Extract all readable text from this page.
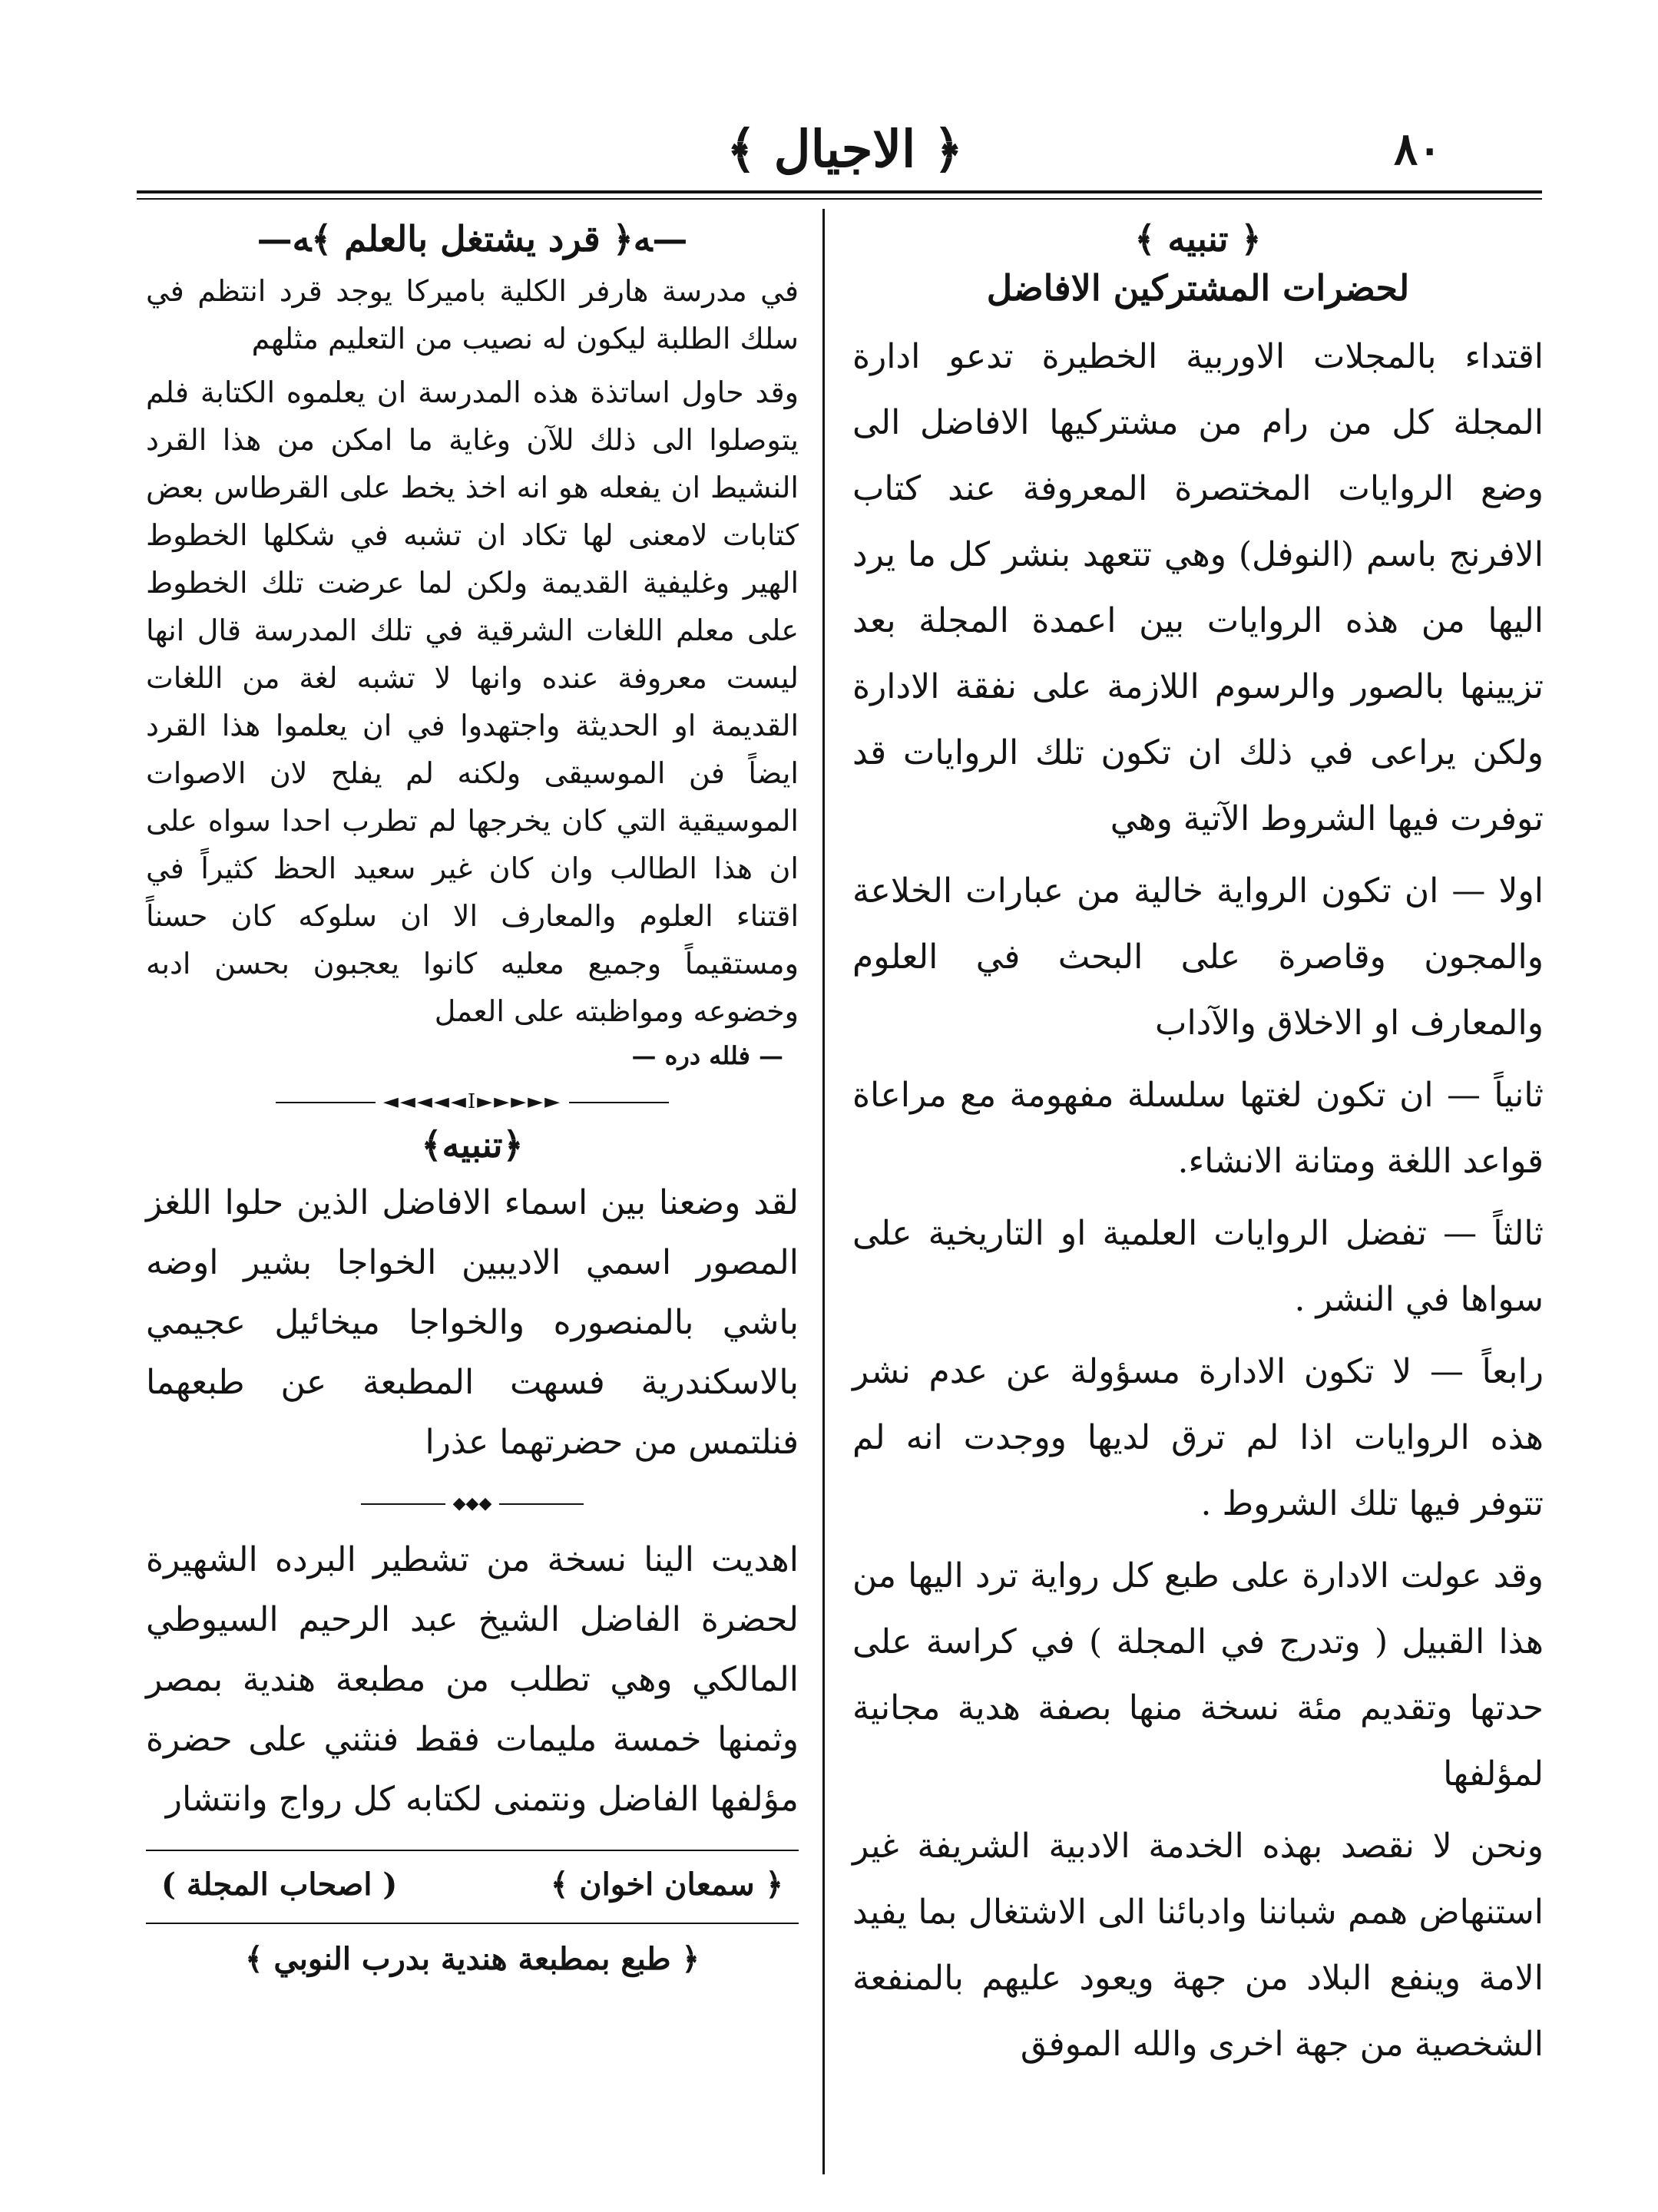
٨٠
﴿ الاجيال ﴾
﴿ تنبيه ﴾
لحضرات المشتركين الافاضل

اقتداء بالمجلات الاوربية الخطيرة تدعو ادارة المجلة كل من رام من مشتركيها الافاضل الى وضع الروايات المختصرة المعروفة عند كتاب الافرنج باسم (النوفل) وهي تتعهد بنشر كل ما يرد اليها من هذه الروايات بين اعمدة المجلة بعد تزيينها بالصور والرسوم اللازمة على نفقة الادارة ولكن يراعى في ذلك ان تكون تلك الروايات قد توفرت فيها الشروط الآتية وهي

اولا — ان تكون الرواية خالية من عبارات الخلاعة والمجون وقاصرة على البحث في العلوم والمعارف او الاخلاق والآداب

ثانياً — ان تكون لغتها سلسلة مفهومة مع مراعاة قواعد اللغة ومتانة الانشاء.

ثالثاً — تفضل الروايات العلمية او التاريخية على سواها في النشر .

رابعاً — لا تكون الادارة مسؤولة عن عدم نشر هذه الروايات اذا لم ترق لديها ووجدت انه لم تتوفر فيها تلك الشروط .

وقد عولت الادارة على طبع كل رواية ترد اليها من هذا القبيل ( وتدرج في المجلة ) في كراسة على حدتها وتقديم مئة نسخة منها بصفة هدية مجانية لمؤلفها

ونحن لا نقصد بهذه الخدمة الادبية الشريفة غير استنهاض همم شباننا وادبائنا الى الاشتغال بما يفيد الامة وينفع البلاد من جهة ويعود عليهم بالمنفعة الشخصية من جهة اخرى والله الموفق

—ﻪ﴿ قرد يشتغل بالعلم ﴾ﻪ—

في مدرسة هارفر الكلية باميركا يوجد قرد انتظم في سلك الطلبة ليكون له نصيب من التعليم مثلهم

وقد حاول اساتذة هذه المدرسة ان يعلموه الكتابة فلم يتوصلوا الى ذلك للآن وغاية ما امكن من هذا القرد النشيط ان يفعله هو انه اخذ يخط على القرطاس بعض كتابات لامعنى لها تكاد ان تشبه في شكلها الخطوط الهير وغليفية القديمة ولكن لما عرضت تلك الخطوط على معلم اللغات الشرقية في تلك المدرسة قال انها ليست معروفة عنده وانها لا تشبه لغة من اللغات القديمة او الحديثة واجتهدوا في ان يعلموا هذا القرد ايضاً فن الموسيقى ولكنه لم يفلح لان الاصوات الموسيقية التي كان يخرجها لم تطرب احدا سواه على ان هذا الطالب وان كان غير سعيد الحظ كثيراً في اقتناء العلوم والمعارف الا ان سلوكه كان حسناً ومستقيماً وجميع معليه كانوا يعجبون بحسن ادبه وخضوعه ومواظبته على العمل

— فلله دره —
►►►►►I◄◄◄◄◄
﴿تنبيه﴾

لقد وضعنا بين اسماء الافاضل الذين حلوا اللغز المصور اسمي الاديبين الخواجا بشير اوضه باشي بالمنصوره والخواجا ميخائيل عجيمي بالاسكندرية فسهت المطبعة عن طبعهما فنلتمس من حضرتهما عذرا

◆◆◆

اهديت الينا نسخة من تشطير البرده الشهيرة لحضرة الفاضل الشيخ عبد الرحيم السيوطي المالكي وهي تطلب من مطبعة هندية بمصر وثمنها خمسة مليمات فقط فنثني على حضرة مؤلفها الفاضل ونتمنى لكتابه كل رواج وانتشار

﴿ سمعان اخوان ﴾
( اصحاب المجلة )
﴿ طبع بمطبعة هندية بدرب النوبي ﴾
